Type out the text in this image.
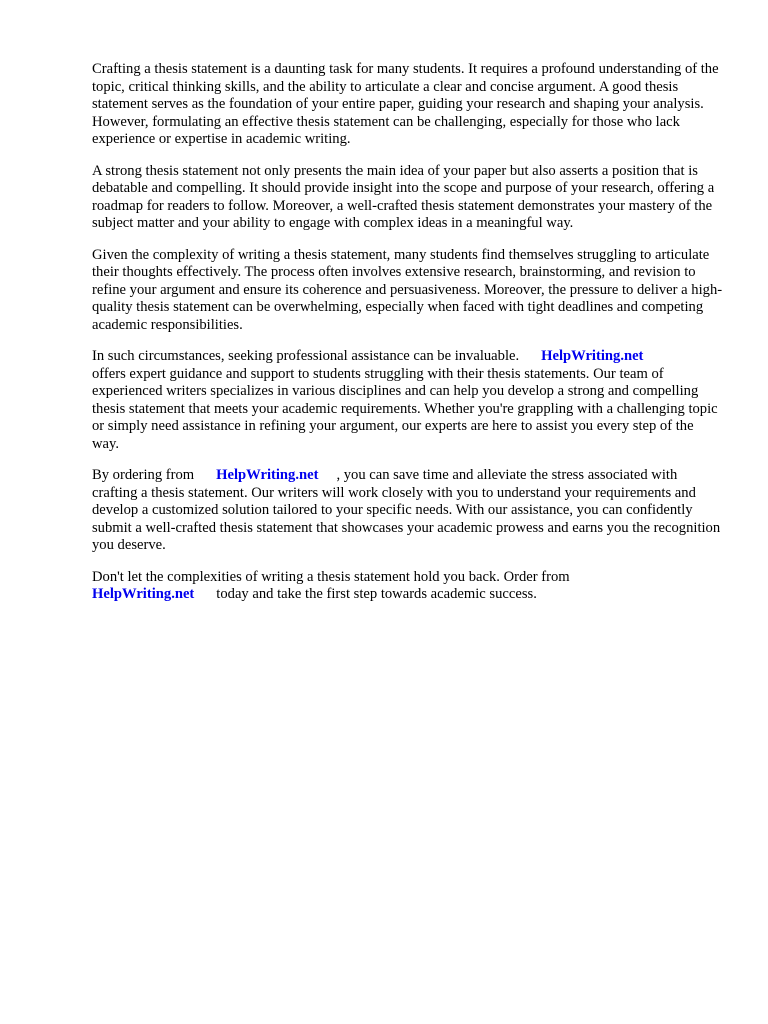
Crafting a thesis statement is a daunting task for many students. It requires a profound understanding of the topic, critical thinking skills, and the ability to articulate a clear and concise argument. A good thesis statement serves as the foundation of your entire paper, guiding your research and shaping your analysis. However, formulating an effective thesis statement can be challenging, especially for those who lack experience or expertise in academic writing.

A strong thesis statement not only presents the main idea of your paper but also asserts a position that is debatable and compelling. It should provide insight into the scope and purpose of your research, offering a roadmap for readers to follow. Moreover, a well-crafted thesis statement demonstrates your mastery of the subject matter and your ability to engage with complex ideas in a meaningful way.

Given the complexity of writing a thesis statement, many students find themselves struggling to articulate their thoughts effectively. The process often involves extensive research, brainstorming, and revision to refine your argument and ensure its coherence and persuasiveness. Moreover, the pressure to deliver a high-quality thesis statement can be overwhelming, especially when faced with tight deadlines and competing academic responsibilities.

In such circumstances, seeking professional assistance can be invaluable. HelpWriting.net
offers expert guidance and support to students struggling with their thesis statements. Our team of experienced writers specializes in various disciplines and can help you develop a strong and compelling thesis statement that meets your academic requirements. Whether you're grappling with a challenging topic or simply need assistance in refining your argument, our experts are here to assist you every step of the way.

By ordering from HelpWriting.net , you can save time and alleviate the stress associated with crafting a thesis statement. Our writers will work closely with you to understand your requirements and develop a customized solution tailored to your specific needs. With our assistance, you can confidently submit a well-crafted thesis statement that showcases your academic prowess and earns you the recognition you deserve.

Don't let the complexities of writing a thesis statement hold you back. Order from
HelpWriting.net today and take the first step towards academic success.
